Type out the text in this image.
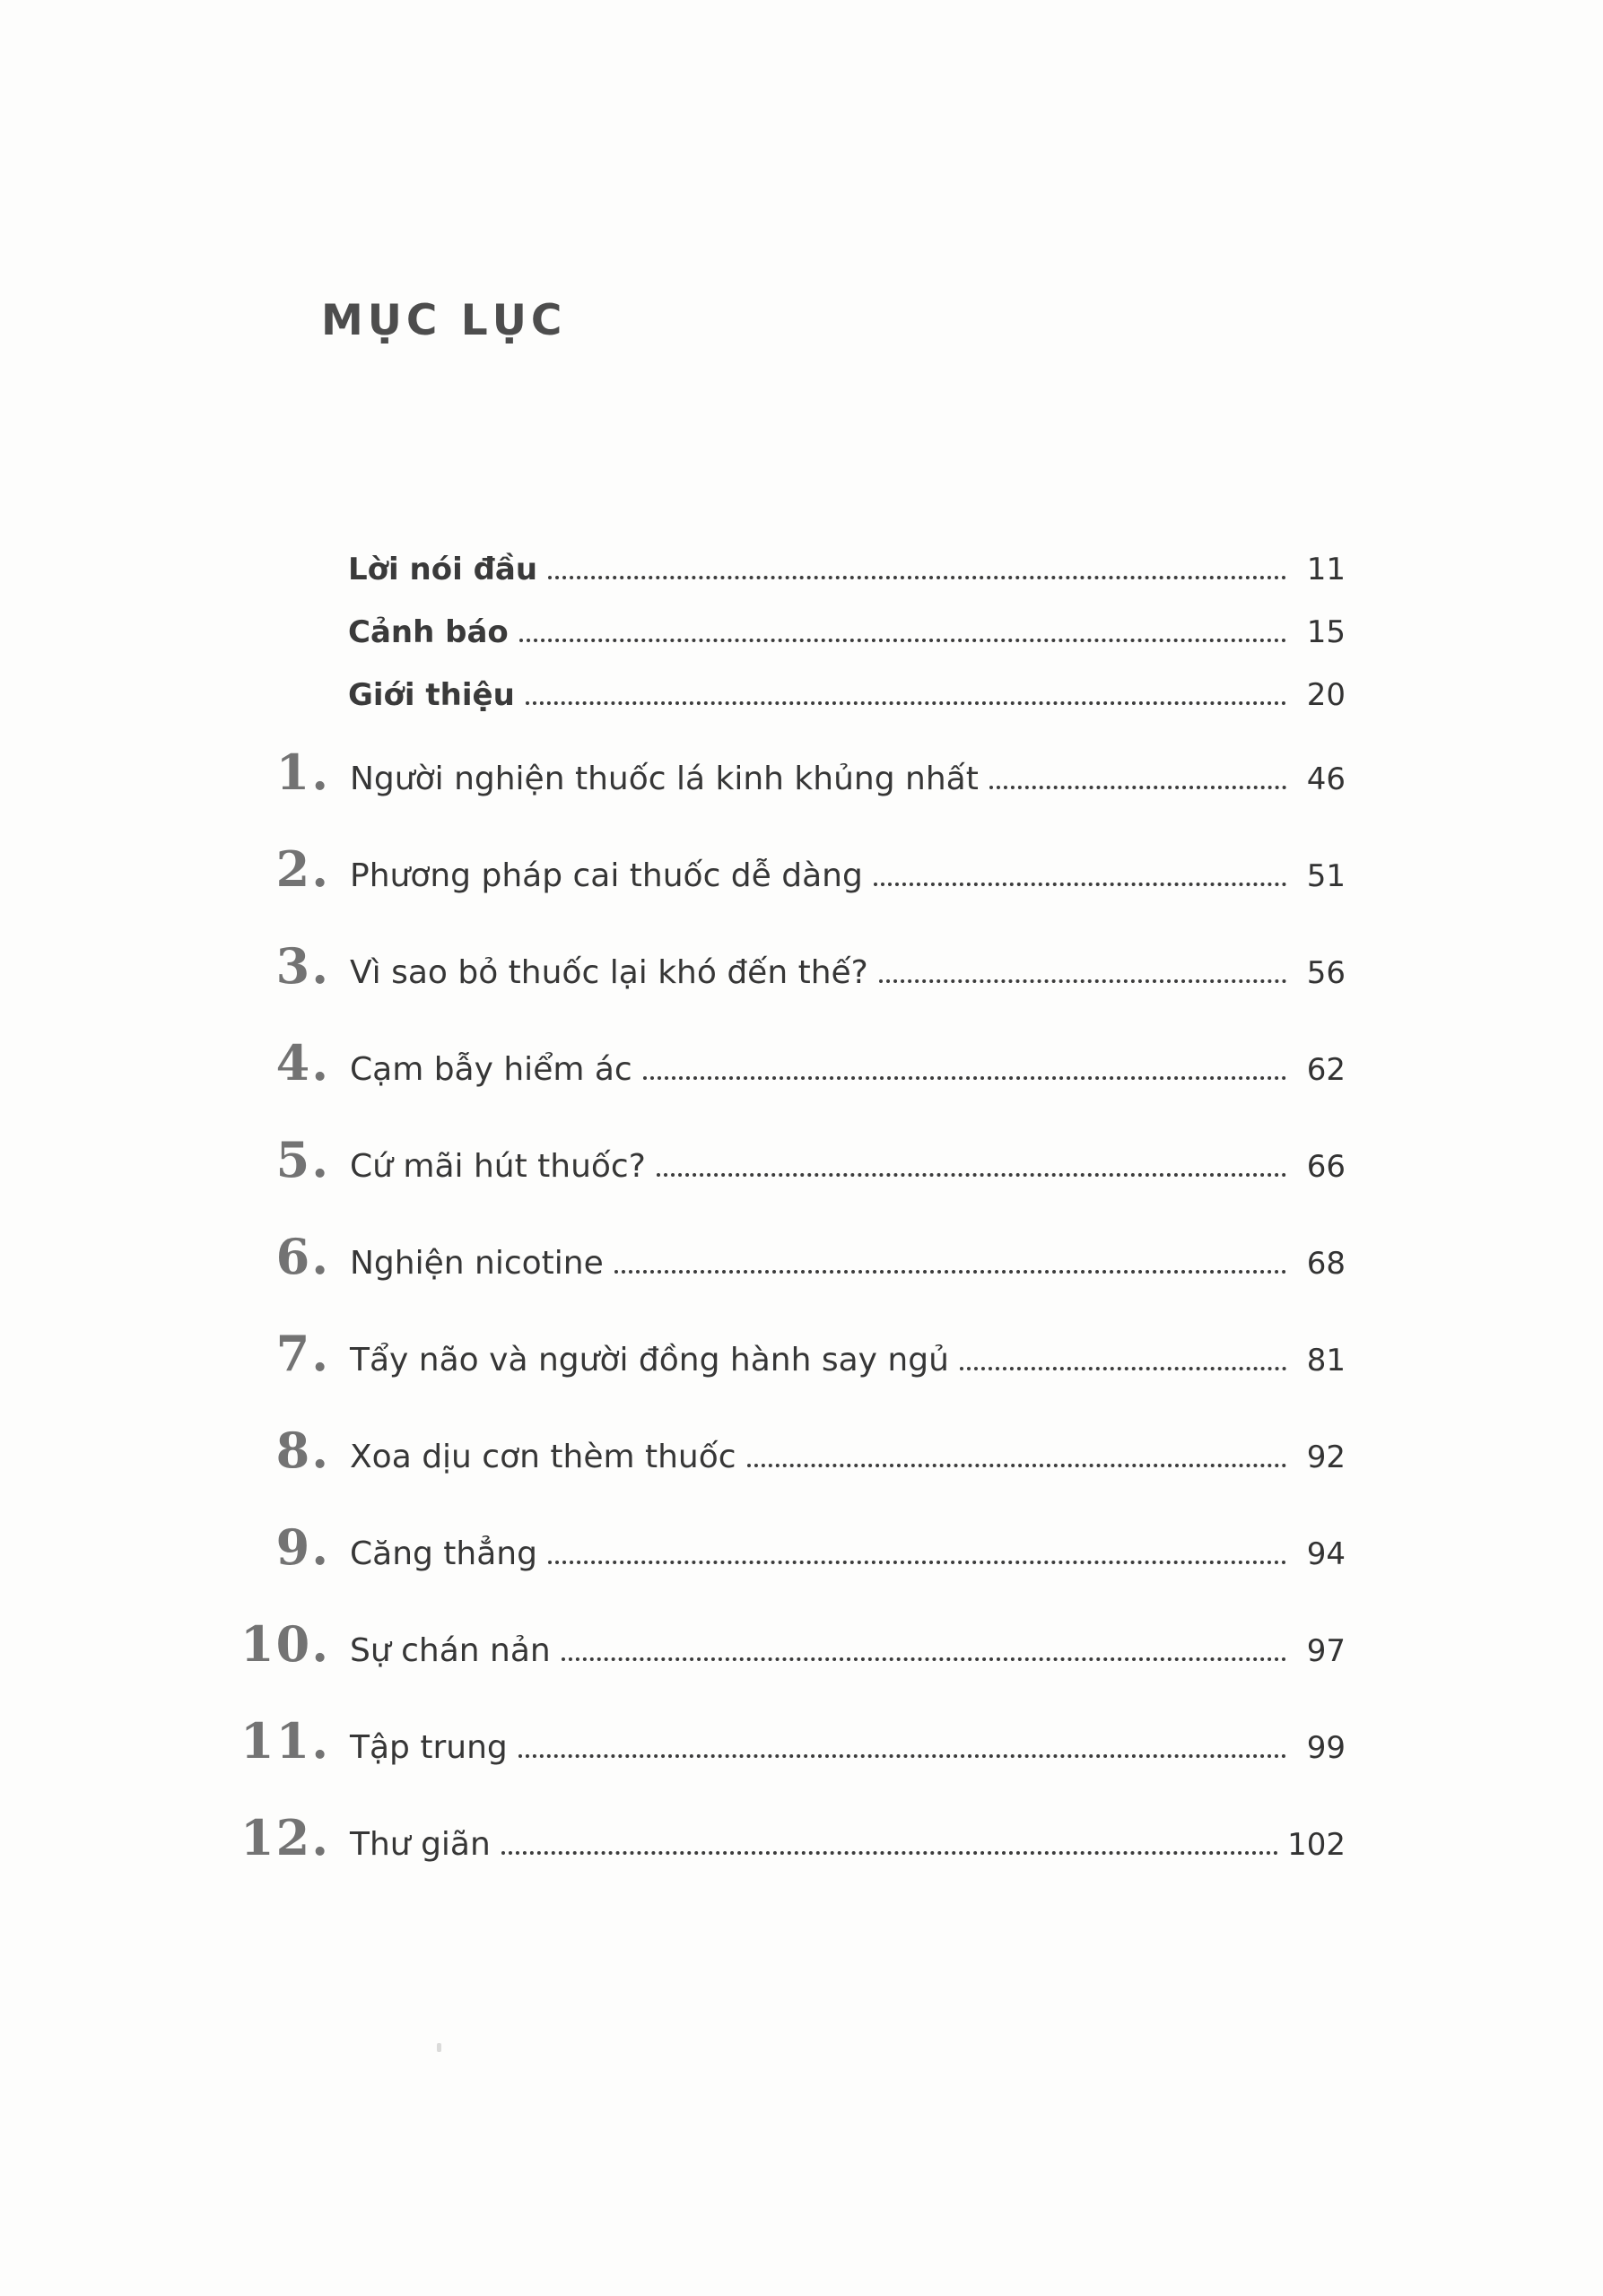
MỤC LỤC
Lời nói đầu	11
Cảnh báo	15
Giới thiệu	20
1. Người nghiện thuốc lá kinh khủng nhất	46
2. Phương pháp cai thuốc dễ dàng	51
3. Vì sao bỏ thuốc lại khó đến thế?	56
4. Cạm bẫy hiểm ác	62
5. Cứ mãi hút thuốc?	66
6. Nghiện nicotine	68
7. Tẩy não và người đồng hành say ngủ	81
8. Xoa dịu cơn thèm thuốc	92
9. Căng thẳng	94
10. Sự chán nản	97
11. Tập trung	99
12. Thư giãn	102
